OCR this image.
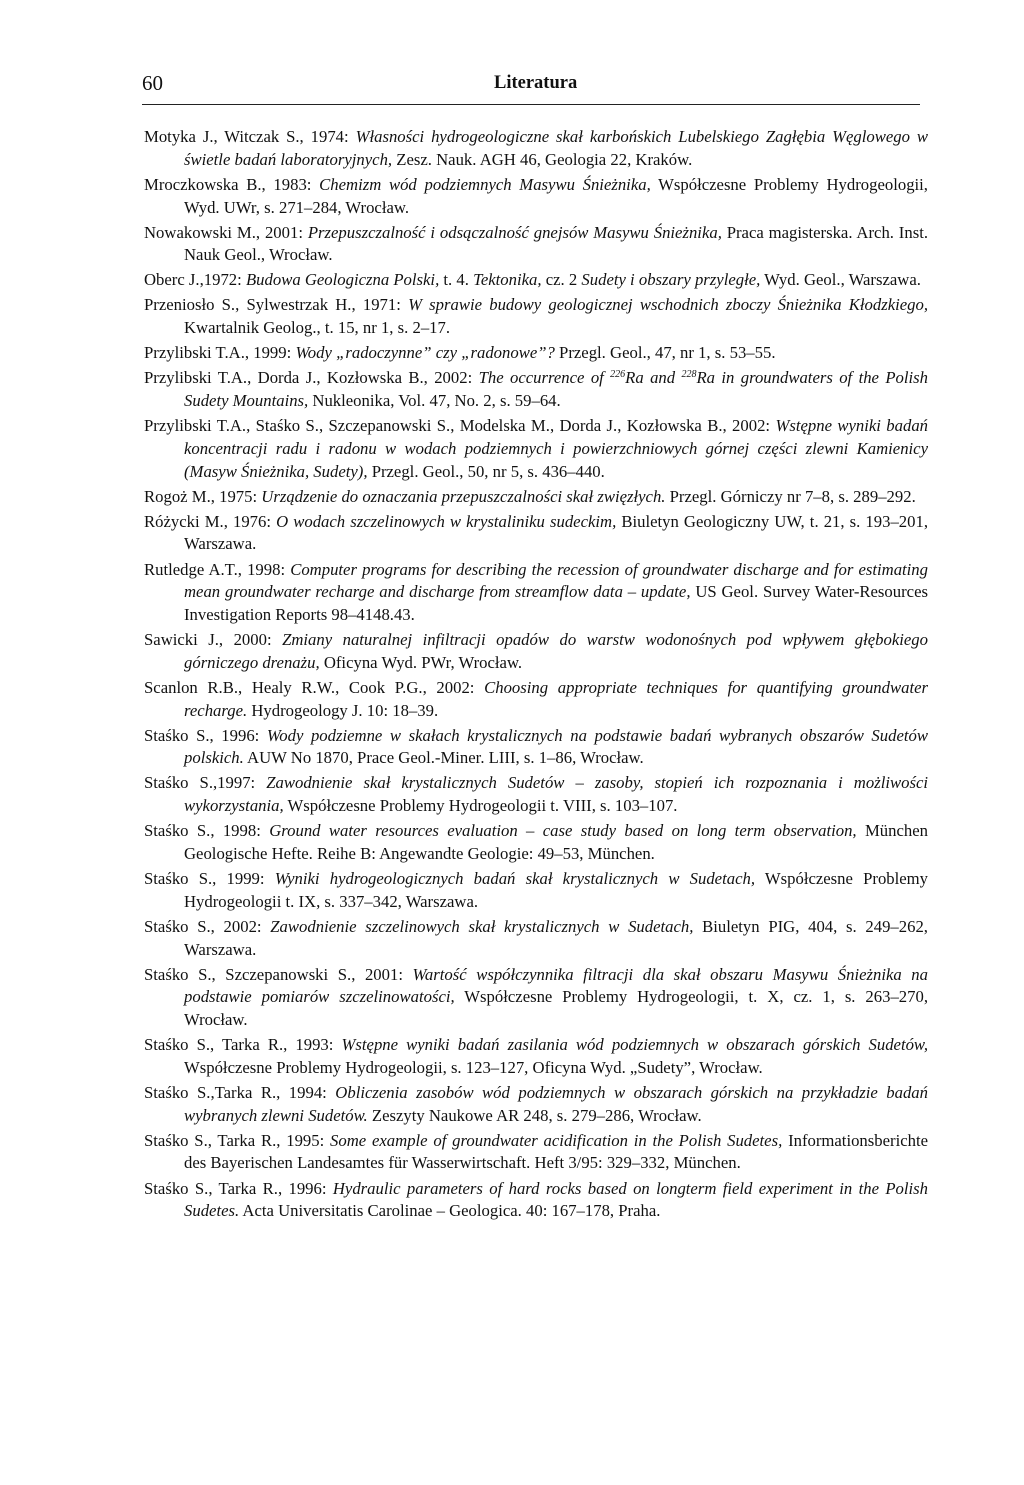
60	Literatura
Motyka J., Witczak S., 1974: Własności hydrogeologiczne skał karbońskich Lubelskiego Zagłębia Węglowego w świetle badań laboratoryjnych, Zesz. Nauk. AGH 46, Geologia 22, Kraków.
Mroczkowska B., 1983: Chemizm wód podziemnych Masywu Śnieżnika, Współczesne Problemy Hydrogeologii, Wyd. UWr, s. 271–284, Wrocław.
Nowakowski M., 2001: Przepuszczalność i odsączalność gnejsów Masywu Śnieżnika, Praca magisterska. Arch. Inst. Nauk Geol., Wrocław.
Oberc J.,1972: Budowa Geologiczna Polski, t. 4. Tektonika, cz. 2 Sudety i obszary przyległe, Wyd. Geol., Warszawa.
Przeniosło S., Sylwestrzak H., 1971: W sprawie budowy geologicznej wschodnich zboczy Śnieżnika Kłodzkiego, Kwartalnik Geolog., t. 15, nr 1, s. 2–17.
Przylibski T.A., 1999: Wody „radoczynne” czy „radonowe”? Przegl. Geol., 47, nr 1, s. 53–55.
Przylibski T.A., Dorda J., Kozłowska B., 2002: The occurrence of $^{226}$Ra and $^{228}$Ra in groundwaters of the Polish Sudety Mountains, Nukleonika, Vol. 47, No. 2, s. 59–64.
Przylibski T.A., Staśko S., Szczepanowski S., Modelska M., Dorda J., Kozłowska B., 2002: Wstępne wyniki badań koncentracji radu i radonu w wodach podziemnych i powierzchniowych górnej części zlewni Kamienicy (Masyw Śnieżnika, Sudety), Przegl. Geol., 50, nr 5, s. 436–440.
Rogoż M., 1975: Urządzenie do oznaczania przepuszczalności skał zwięzłych. Przegl. Górniczy nr 7–8, s. 289–292.
Różycki M., 1976: O wodach szczelinowych w krystaliniku sudeckim, Biuletyn Geologiczny UW, t. 21, s. 193–201, Warszawa.
Rutledge A.T., 1998: Computer programs for describing the recession of groundwater discharge and for estimating mean groundwater recharge and discharge from streamflow data – update, US Geol. Survey Water-Resources Investigation Reports 98–4148.43.
Sawicki J., 2000: Zmiany naturalnej infiltracji opadów do warstw wodonośnych pod wpływem głębokiego górniczego drenażu, Oficyna Wyd. PWr, Wrocław.
Scanlon R.B., Healy R.W., Cook P.G., 2002: Choosing appropriate techniques for quantifying groundwater recharge. Hydrogeology J. 10: 18–39.
Staśko S., 1996: Wody podziemne w skałach krystalicznych na podstawie badań wybranych obszarów Sudetów polskich. AUW No 1870, Prace Geol.-Miner. LIII, s. 1–86, Wrocław.
Staśko S.,1997: Zawodnienie skał krystalicznych Sudetów – zasoby, stopień ich rozpoznania i możliwości wykorzystania, Współczesne Problemy Hydrogeologii t. VIII, s. 103–107.
Staśko S., 1998: Ground water resources evaluation – case study based on long term observation, München Geologische Hefte. Reihe B: Angewandte Geologie: 49–53, München.
Staśko S., 1999: Wyniki hydrogeologicznych badań skał krystalicznych w Sudetach, Współczesne Problemy Hydrogeologii t. IX, s. 337–342, Warszawa.
Staśko S., 2002: Zawodnienie szczelinowych skał krystalicznych w Sudetach, Biuletyn PIG, 404, s. 249–262, Warszawa.
Staśko S., Szczepanowski S., 2001: Wartość współczynnika filtracji dla skał obszaru Masywu Śnieżnika na podstawie pomiarów szczelinowatości, Współczesne Problemy Hydrogeologii, t. X, cz. 1, s. 263–270, Wrocław.
Staśko S., Tarka R., 1993: Wstępne wyniki badań zasilania wód podziemnych w obszarach górskich Sudetów, Współczesne Problemy Hydrogeologii, s. 123–127, Oficyna Wyd. „Sudety”, Wrocław.
Staśko S.,Tarka R., 1994: Obliczenia zasobów wód podziemnych w obszarach górskich na przykładzie badań wybranych zlewni Sudetów. Zeszyty Naukowe AR 248, s. 279–286, Wrocław.
Staśko S., Tarka R., 1995: Some example of groundwater acidification in the Polish Sudetes, Informationsberichte des Bayerischen Landesamtes für Wasserwirtschaft. Heft 3/95: 329–332, München.
Staśko S., Tarka R., 1996: Hydraulic parameters of hard rocks based on longterm field experiment in the Polish Sudetes. Acta Universitatis Carolinae – Geologica. 40: 167–178, Praha.
